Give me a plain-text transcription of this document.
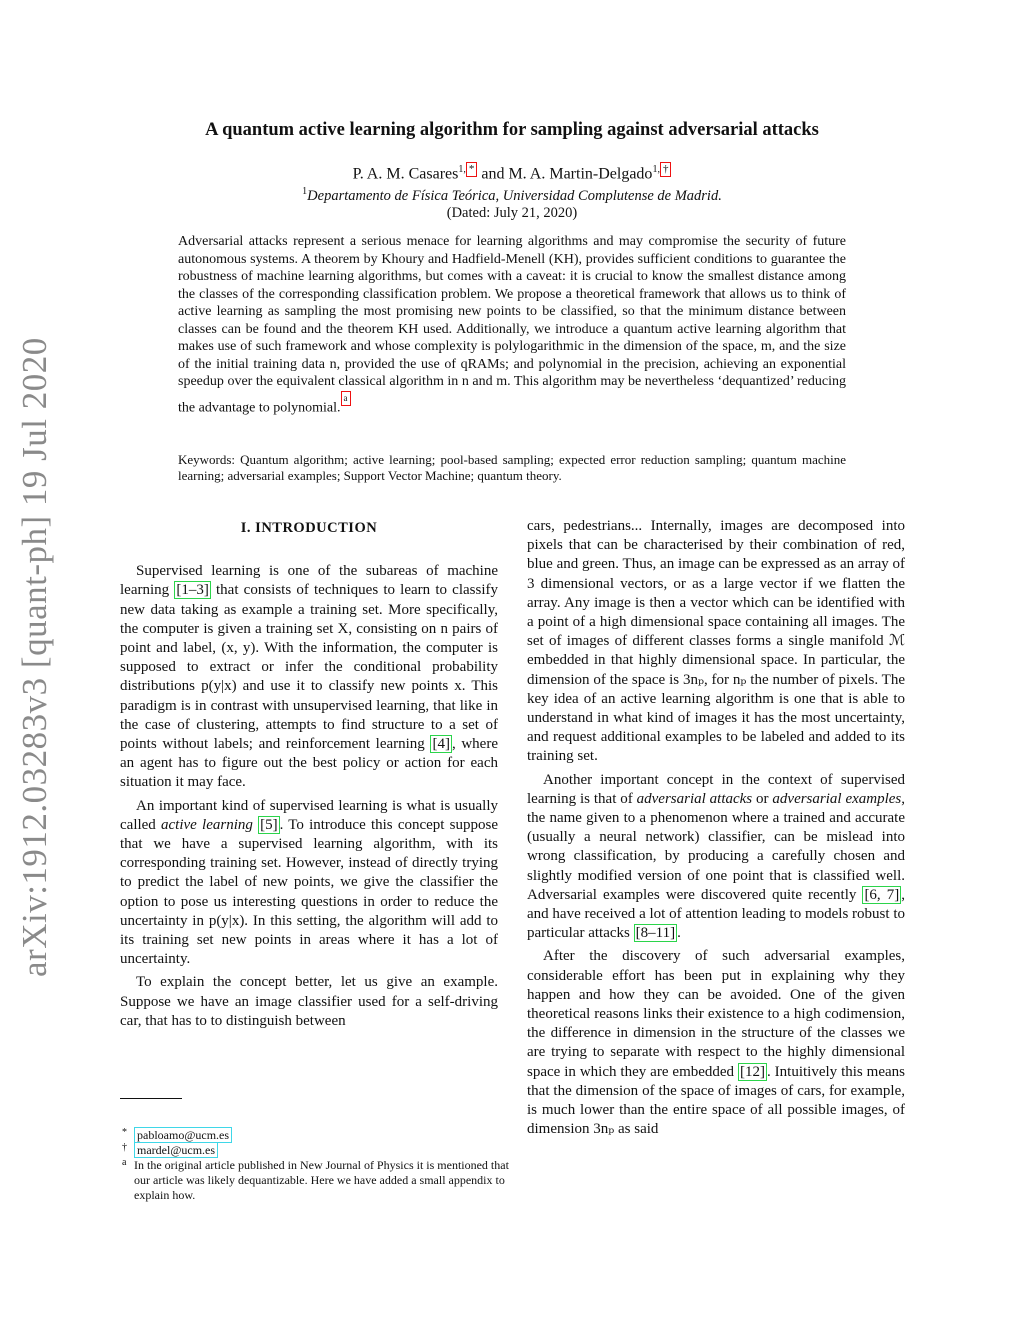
arXiv:1912.03283v3 [quant-ph] 19 Jul 2020
A quantum active learning algorithm for sampling against adversarial attacks
P. A. M. Casares$^{1,}$ * and M. A. Martin-Delgado$^{1,}$ †
$^1$Departamento de Física Teórica, Universidad Complutense de Madrid.
(Dated: July 21, 2020)
Adversarial attacks represent a serious menace for learning algorithms and may compromise the security of future autonomous systems. A theorem by Khoury and Hadfield-Menell (KH), provides sufficient conditions to guarantee the robustness of machine learning algorithms, but comes with a caveat: it is crucial to know the smallest distance among the classes of the corresponding classification problem. We propose a theoretical framework that allows us to think of active learning as sampling the most promising new points to be classified, so that the minimum distance between classes can be found and the theorem KH used. Additionally, we introduce a quantum active learning algorithm that makes use of such framework and whose complexity is polylogarithmic in the dimension of the space, m, and the size of the initial training data n, provided the use of qRAMs; and polynomial in the precision, achieving an exponential speedup over the equivalent classical algorithm in n and m. This algorithm may be nevertheless ‘dequantized’ reducing the advantage to polynomial.$^a$
Keywords: Quantum algorithm; active learning; pool-based sampling; expected error reduction sampling; quantum machine learning; adversarial examples; Support Vector Machine; quantum theory.
I. INTRODUCTION

Supervised learning is one of the subareas of machine learning [1–3] that consists of techniques to learn to classify new data taking as example a training set. More specifically, the computer is given a training set X, consisting on n pairs of point and label, (x, y). With the information, the computer is supposed to extract or infer the conditional probability distributions p(y|x) and use it to classify new points x. This paradigm is in contrast with unsupervised learning, that like in the case of clustering, attempts to find structure to a set of points without labels; and reinforcement learning [4] , where an agent has to figure out the best policy or action for each situation it may face.

An important kind of supervised learning is what is usually called active learning [5] . To introduce this concept suppose that we have a supervised learning algorithm, with its corresponding training set. However, instead of directly trying to predict the label of new points, we give the classifier the option to pose us interesting questions in order to reduce the uncertainty in p(y|x). In this setting, the algorithm will add to its training set new points in areas where it has a lot of uncertainty.

To explain the concept better, let us give an example. Suppose we have an image classifier used for a self-driving car, that has to to distinguish between

cars, pedestrians... Internally, images are decomposed into pixels that can be characterised by their combination of red, blue and green. Thus, an image can be expressed as an array of 3 dimensional vectors, or as a large vector if we flatten the array. Any image is then a vector which can be identified with a point of a high dimensional space containing all images. The set of images of different classes forms a single manifold ℳ embedded in that highly dimensional space. In particular, the dimension of the space is 3nₚ, for nₚ the number of pixels. The key idea of an active learning algorithm is one that is able to understand in what kind of images it has the most uncertainty, and request additional examples to be labeled and added to its training set.

Another important concept in the context of supervised learning is that of adversarial attacks or adversarial examples, the name given to a phenomenon where a trained and accurate (usually a neural network) classifier, can be mislead into wrong classification, by producing a carefully chosen and slightly modified version of one point that is classified well. Adversarial examples were discovered quite recently [6, 7] , and have received a lot of attention leading to models robust to particular attacks [8–11] .

After the discovery of such adversarial examples, considerable effort has been put in explaining why they happen and how they can be avoided. One of the given theoretical reasons links their existence to a high codimension, the difference in dimension in the structure of the classes we are trying to separate with respect to the highly dimensional space in which they are embedded [12] . Intuitively this means that the dimension of the space of images of cars, for example, is much lower than the entire space of all possible images, of dimension 3nₚ as said

* pabloamo@ucm.es
† mardel@ucm.es
a In the original article published in New Journal of Physics it is mentioned that our article was likely dequantizable. Here we have added a small appendix to explain how.
